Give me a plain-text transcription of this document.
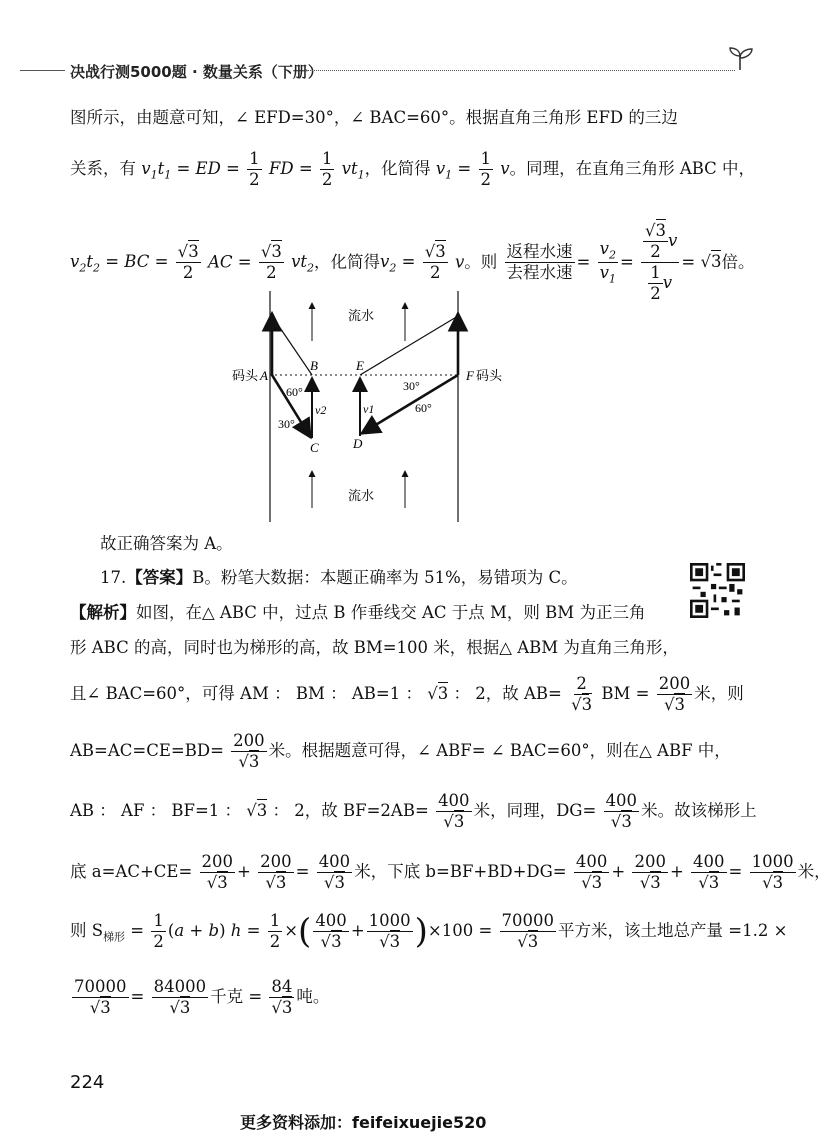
决战行测5000题 · 数量关系（下册）
图所示，由题意可知，∠ EFD=30°，∠ BAC=60°。根据直角三角形 EFD 的三边
关系，有 $v_1t_1$ = ED = $\frac{1}{2}$ FD = $\frac{1}{2} vt_1$，化简得 $v_1 = \frac{1}{2}$ v。同理，在直角三角形 ABC 中，
$v_2t_2$ = BC = $\frac{√3}{2}$ AC = $\frac{√3}{2} vt_2$，化简得$v_2 = \frac{√3}{2}$ v。则 $\frac{\text{返程水速}}{\text{去程水速}} = \frac{v_2}{v_1} = \frac{\frac{√3}{2} v}{\frac{1}{2} v} = √3$倍。
流水
流水
码头 A
B
C	D
E
F 码头
60°
30°
30°
60°
v2	v1
故正确答案为 A。
17.【答案】B。粉笔大数据：本题正确率为 51%，易错项为 C。
【解析】如图，在△ ABC 中，过点 B 作垂线交 AC 于点 M，则 BM 为正三角
形 ABC 的高，同时也为梯形的高，故 BM=100 米，根据△ ABM 为直角三角形，
且∠ BAC=60°，可得 AM ： BM ： AB=1 ： √3 ： 2，故 $AB= \frac{2}{√3}$ BM = $\frac{200}{√3}$ 米，则
$AB=AC=CE=BD= \frac{200}{√3}$ 米。根据题意可得，∠ ABF= ∠ BAC=60°，则在△ ABF 中，
AB ： AF ： BF=1 ： √3 ： 2，故 $BF=2AB= \frac{400}{√3}$ 米，同理，$DG= \frac{400}{√3}$ 米。故该梯形上
底 $a=AC+CE= \frac{200}{√3} + \frac{200}{√3} = \frac{400}{√3}$ 米，下底 $b=BF+BD+DG= \frac{400}{√3} + \frac{200}{√3} + \frac{400}{√3} = \frac{1000}{√3}$ 米，
则 $S_{梯形} = \frac{1}{2} (a + b) h = \frac{1}{2}$ ×( $\frac{400}{√3} + \frac{1000}{√3} )\times 100 = \frac{70000}{√3}$ 平方米，该土地总产量 =1.2 ×
$\frac{70000}{√3} = \frac{84000}{√3}$ 千克 = $\frac{84}{√3}$ 吨。
224
更多资料添加：feifeixuejie520
